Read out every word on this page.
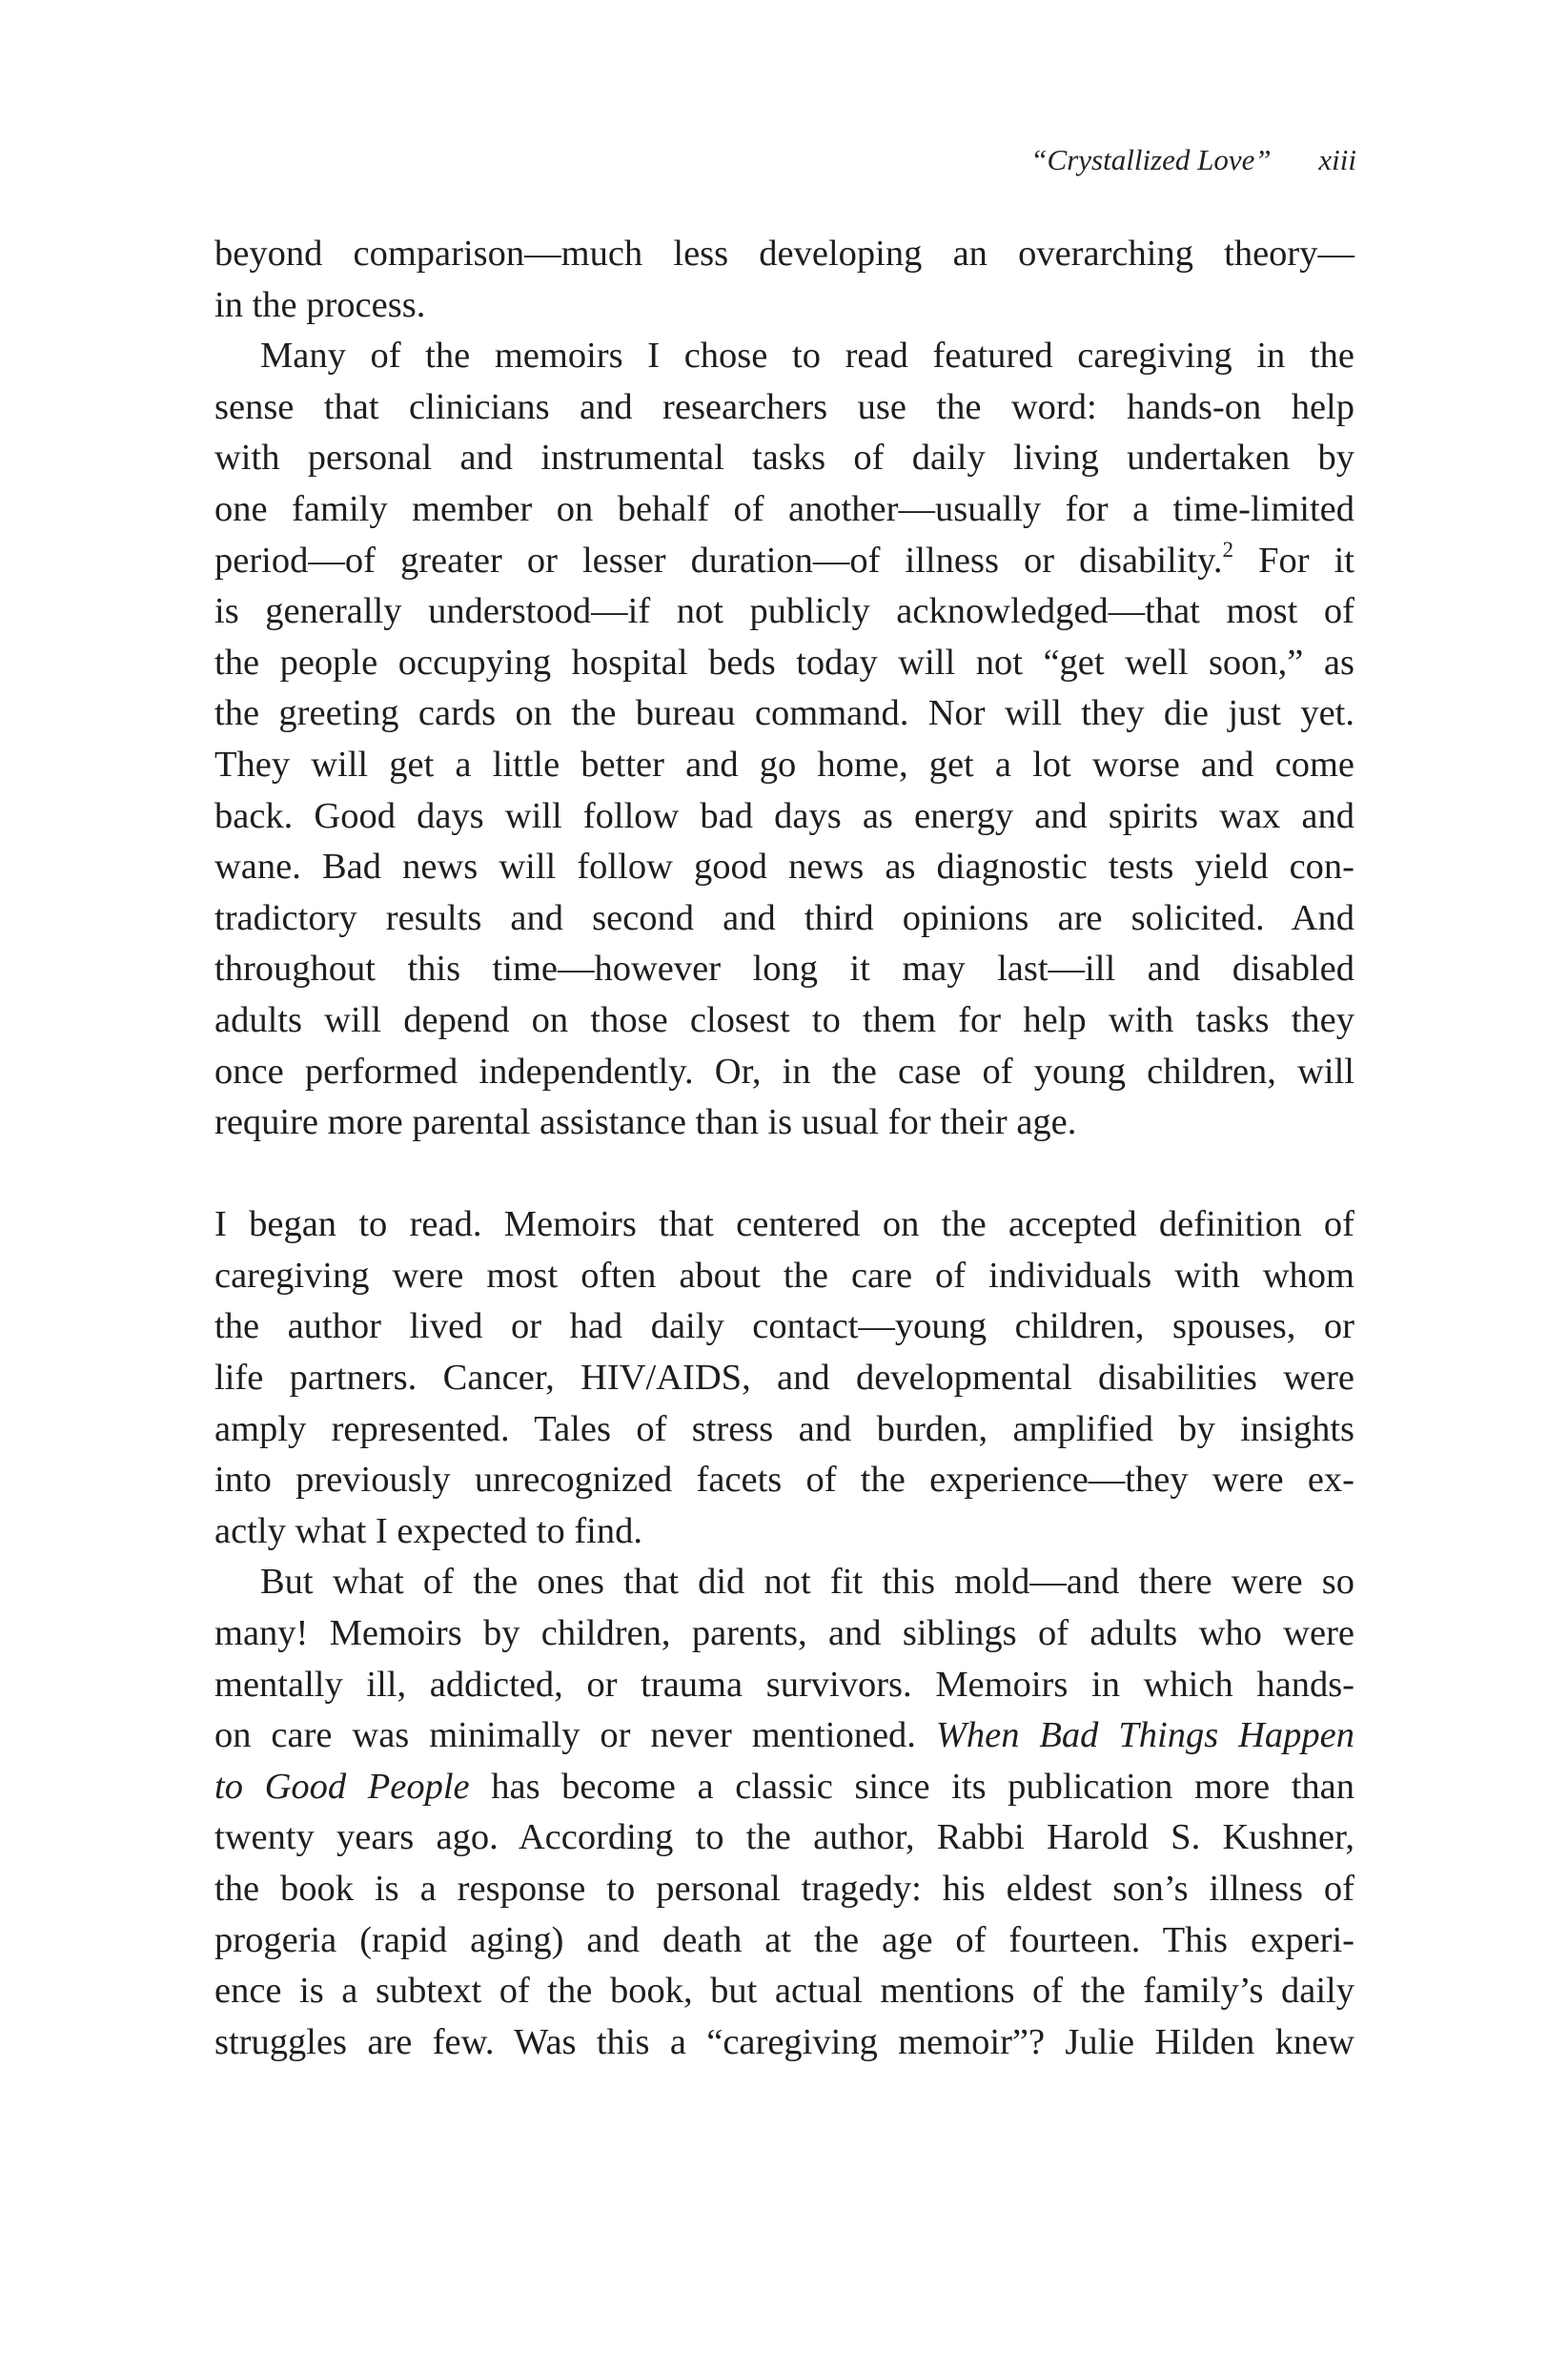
“Crystallized Love” xiii
beyond comparison—much less developing an overarching theory—
in the process.
Many of the memoirs I chose to read featured caregiving in the
sense that clinicians and researchers use the word: hands-on help
with personal and instrumental tasks of daily living undertaken by
one family member on behalf of another—usually for a time-limited
period—of greater or lesser duration—of illness or disability.$^2$ For it
is generally understood—if not publicly acknowledged—that most of
the people occupying hospital beds today will not “get well soon,” as
the greeting cards on the bureau command. Nor will they die just yet.
They will get a little better and go home, get a lot worse and come
back. Good days will follow bad days as energy and spirits wax and
wane. Bad news will follow good news as diagnostic tests yield con-
tradictory results and second and third opinions are solicited. And
throughout this time—however long it may last—ill and disabled
adults will depend on those closest to them for help with tasks they
once performed independently. Or, in the case of young children, will
require more parental assistance than is usual for their age.
I began to read. Memoirs that centered on the accepted definition of
caregiving were most often about the care of individuals with whom
the author lived or had daily contact—young children, spouses, or
life partners. Cancer, HIV/AIDS, and developmental disabilities were
amply represented. Tales of stress and burden, amplified by insights
into previously unrecognized facets of the experience—they were ex-
actly what I expected to find.
But what of the ones that did not fit this mold—and there were so
many! Memoirs by children, parents, and siblings of adults who were
mentally ill, addicted, or trauma survivors. Memoirs in which hands-
on care was minimally or never mentioned. When Bad Things Happen
to Good People has become a classic since its publication more than
twenty years ago. According to the author, Rabbi Harold S. Kushner,
the book is a response to personal tragedy: his eldest son’s illness of
progeria (rapid aging) and death at the age of fourteen. This experi-
ence is a subtext of the book, but actual mentions of the family’s daily
struggles are few. Was this a “caregiving memoir”? Julie Hilden knew
